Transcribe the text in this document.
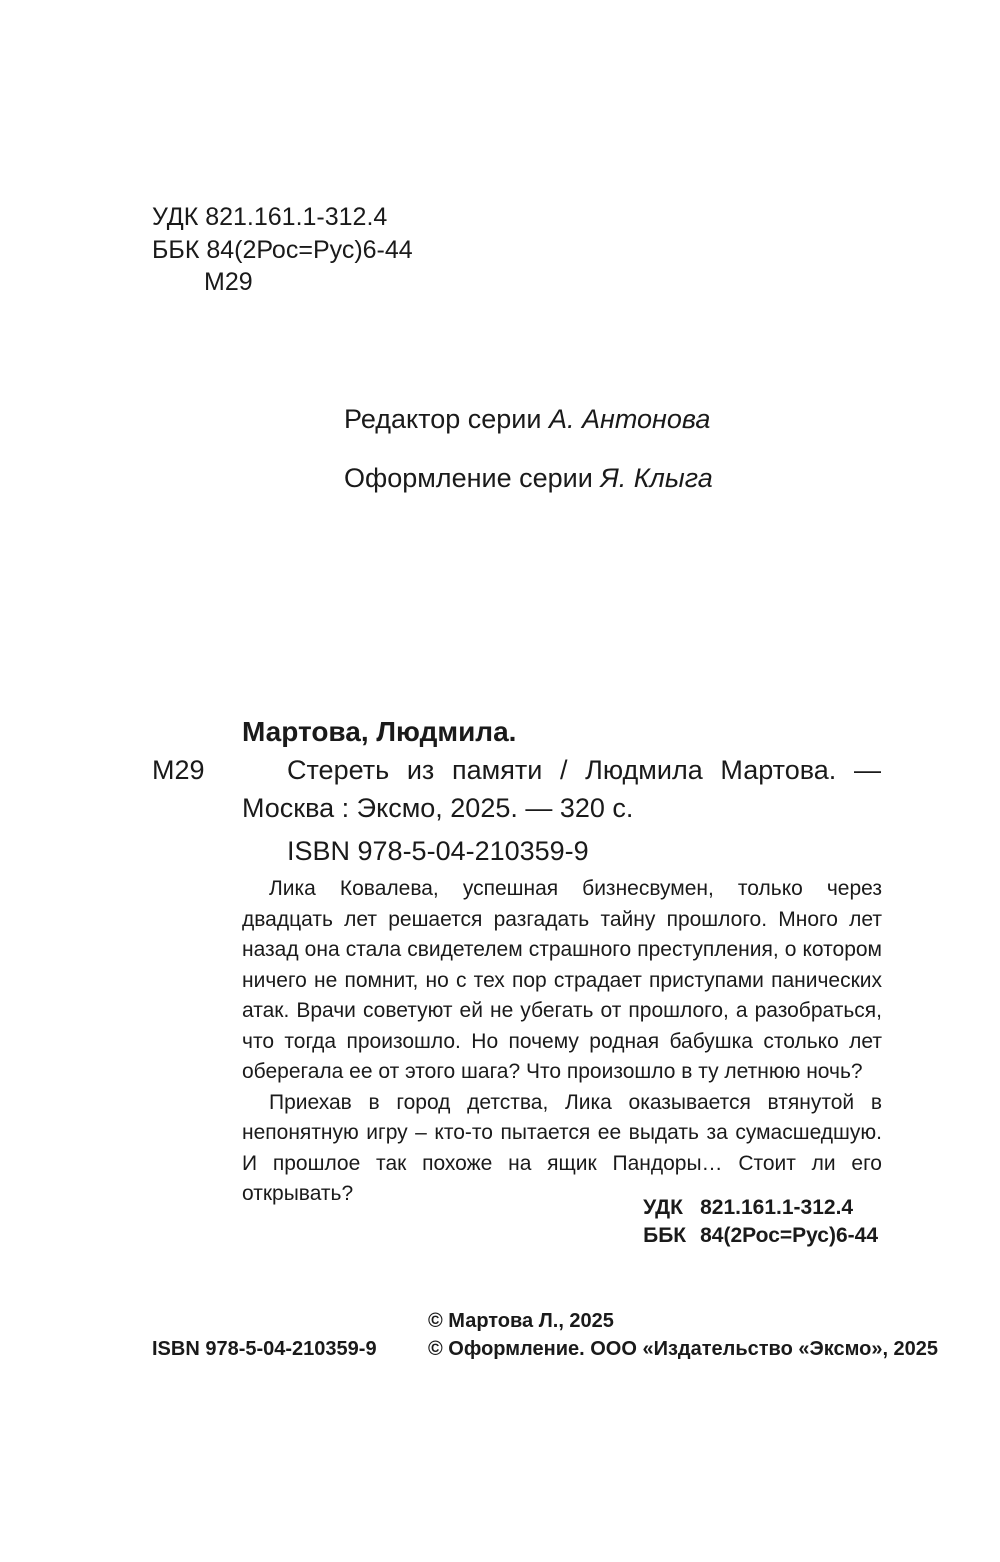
УДК 821.161.1-312.4
ББК 84(2Рос=Рус)6-44
М29
Редактор серии А. Антонова
Оформление серии Я. Клыга
Мартова, Людмила.
М29	Стереть из памяти / Людмила Мартова. —
Москва : Эксмо, 2025. — 320 с.
ISBN 978-5-04-210359-9

Лика Ковалева, успешная бизнесвумен, только через двадцать лет решается разгадать тайну прошлого. Много лет назад она стала свидетелем страшного преступления, о котором ничего не помнит, но с тех пор страдает приступами панических атак. Врачи советуют ей не убегать от прошлого, а разобраться, что тогда произошло. Но почему родная бабушка столько лет оберегала ее от этого шага? Что произошло в ту летнюю ночь?

Приехав в город детства, Лика оказывается втянутой в непонятную игру – кто-то пытается ее выдать за сумасшедшую. И прошлое так похоже на ящик Пандоры… Стоит ли его открывать?

УДК	821.161.1-312.4
ББК	84(2Рос=Рус)6-44
ISBN 978-5-04-210359-9
© Мартова Л., 2025
© Оформление. ООО «Издательство «Эксмо», 2025
